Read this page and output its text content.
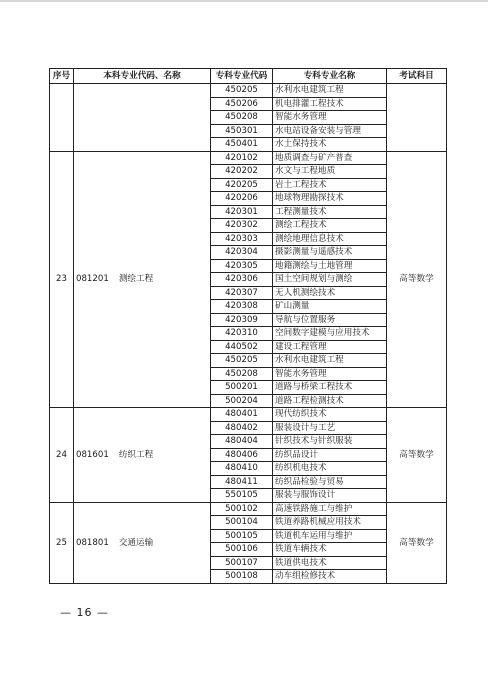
序号	本科专业代码、名称	专科专业代码	专科专业名称	考试科目
		450205	水利水电建筑工程	
		450206	机电排灌工程技术	
		450208	智能水务管理	
		450301	水电站设备安装与管理	
		450401	水土保持技术	
23	081201 测绘工程	420102	地质调查与矿产普查	高等数学
		420202	水文与工程地质	
		420205	岩土工程技术	
		420206	地球物理勘探技术	
		420301	工程测量技术	
		420302	测绘工程技术	
		420303	测绘地理信息技术	
		420304	摄影测量与遥感技术	
		420305	地籍测绘与土地管理	
		420306	国土空间规划与测绘	
		420307	无人机测绘技术	
		420308	矿山测量	
		420309	导航与位置服务	
		420310	空间数字建模与应用技术	
		440502	建设工程管理	
		450205	水利水电建筑工程	
		450208	智能水务管理	
		500201	道路与桥梁工程技术	
		500204	道路工程检测技术	
24	081601 纺织工程	480401	现代纺织技术	高等数学
		480402	服装设计与工艺	
		480404	针织技术与针织服装	
		480406	纺织品设计	
		480410	纺织机电技术	
		480411	纺织品检验与贸易	
		550105	服装与服饰设计	
25	081801 交通运输	500102	高速铁路施工与维护	高等数学
		500104	铁道养路机械应用技术	
		500105	铁道机车运用与维护	
		500106	铁道车辆技术	
		500107	铁道供电技术	
		500108	动车组检修技术	
— 16 —
